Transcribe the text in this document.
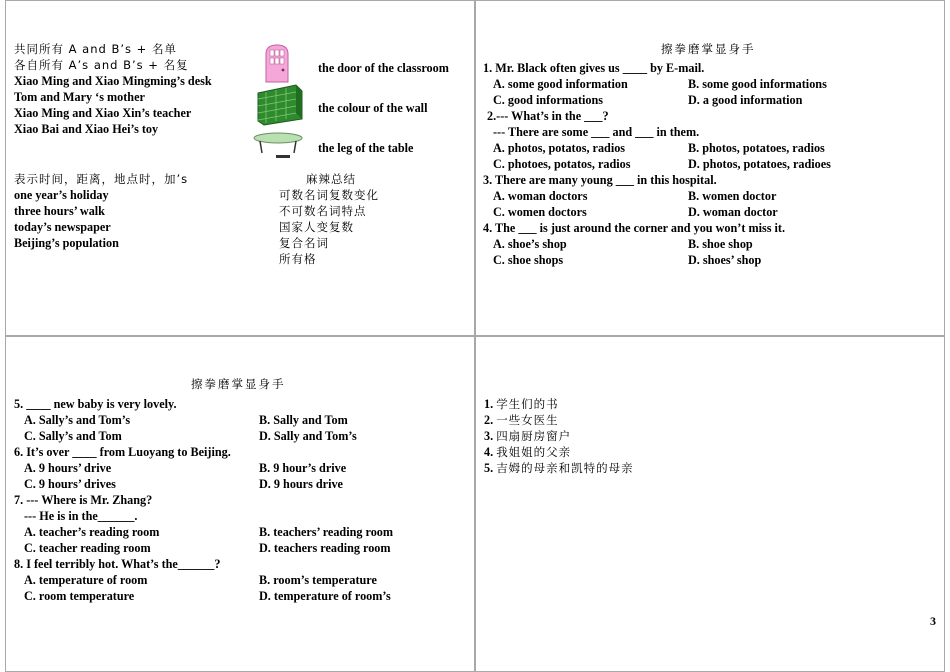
共同所有 A and B’s + 名单
各自所有 A’s and B’s + 名复
Xiao Ming and Xiao Mingming’s desk
Tom and Mary ‘s mother
Xiao Ming and Xiao Xin’s teacher
Xiao Bai and Xiao Hei’s toy
the door of the classroom
the colour of the wall
the leg of the table
表示时间，距离，地点时，加’s
one year’s holiday
three hours’ walk
today’s newspaper
Beijing’s population
麻辣总结
可数名词复数变化
不可数名词特点
国家人变复数
复合名词
所有格
擦拳磨掌显身手
1. Mr. Black often gives us ____ by E-mail.
A. some good information	B. some good informations
C. good informations	D. a good information
2.--- What’s in the ___?
--- There are some ___ and ___ in them.
A. photos, potatos, radios	B. photos, potatoes, radios
C. photoes, potatos, radios	D. photos, potatoes, radioes
3. There are many young ___ in this hospital.
A. woman doctors	B. women doctor
C. women doctors	D. woman doctor
4. The ___ is just around the corner and you won’t miss it.
A. shoe’s shop	B. shoe shop
C. shoe shops	D. shoes’ shop
擦拳磨掌显身手
5. ____ new baby is very lovely.
A. Sally’s and Tom’s	B. Sally and Tom
C. Sally’s and Tom	D. Sally and Tom’s
6. It’s over ____ from Luoyang to Beijing.
A. 9 hours’ drive	B. 9 hour’s drive
C. 9 hours’ drives	D. 9 hours drive
7. --- Where is Mr. Zhang?
--- He is in the______.
A. teacher’s reading room	B. teachers’ reading room
C. teacher reading room	D. teachers reading room
8. I feel terribly hot. What’s the______?
A. temperature of room	B. room’s temperature
C. room temperature	D. temperature of room’s
1. 学生们的书
2. 一些女医生
3. 四扇厨房窗户
4. 我姐姐的父亲
5. 吉姆的母亲和凯特的母亲
3
